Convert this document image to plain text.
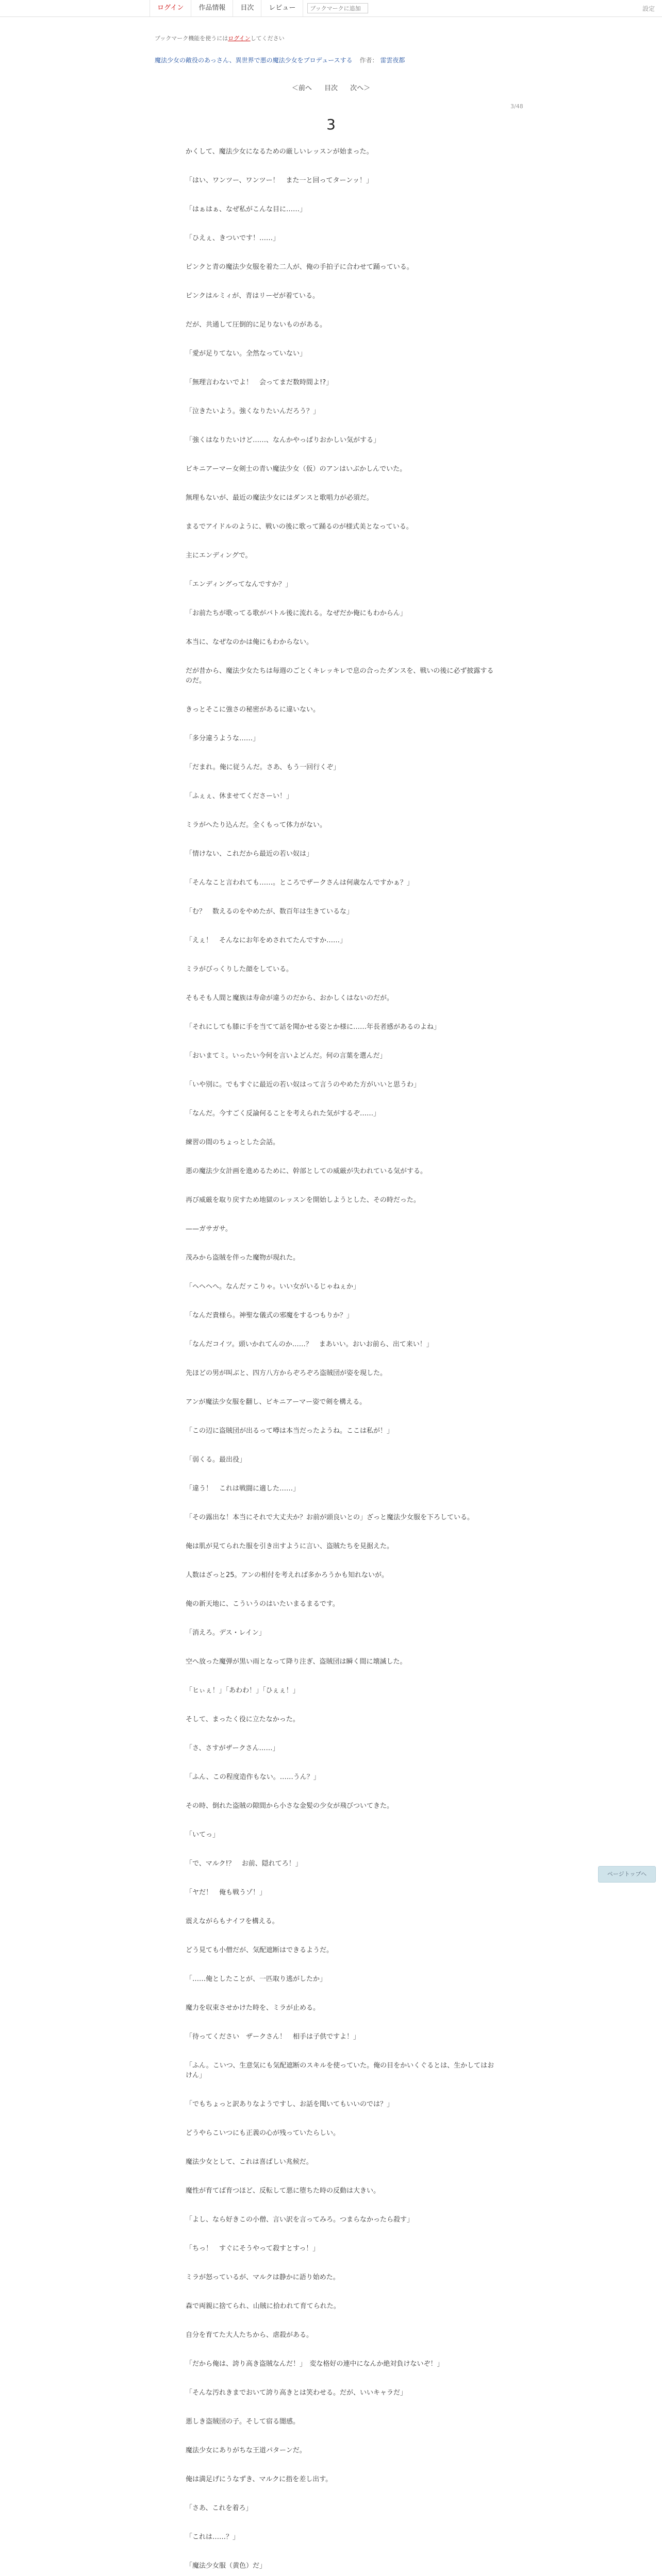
ログイン	作品情報	目次	レビュー
ブックマークに追加	設定
ブックマーク機能を使うにはログインしてください
魔法少女の敵役のあっさん、異世界で悪の魔法少女をプロデュースする 作者： 雷雲夜都
＜前へ 目次 次へ＞
3/48
3

かくして、魔法少女になるための厳しいレッスンが始まった。

「はい、ワンツー、ワンツー！　また一と回ってターンッ！」

「はぁはぁ、なぜ私がこんな目に……」

「ひえぇ、きついです！……」

ピンクと青の魔法少女服を着た二人が、俺の手拍子に合わせて踊っている。

ピンクはルミィが、青はリーゼが着ている。

だが、共通して圧倒的に足りないものがある。

「愛が足りてない。全然なっていない」

「無理言わないでよ！　会ってまだ数時間よ!?」

「泣きたいよう。強くなりたいんだろう？」

「強くはなりたいけど……、なんかやっぱりおかしい気がする」

ビキニアーマー女剣士の青い魔法少女（仮）のアンはいぶかしんでいた。

無理もないが、最近の魔法少女にはダンスと歌唱力が必須だ。

まるでアイドルのように、戦いの後に歌って踊るのが様式美となっている。

主にエンディングで。

「エンディングってなんですか？」

「お前たちが歌ってる歌がバトル後に流れる。なぜだか俺にもわからん」

本当に、なぜなのかは俺にもわからない。

だが昔から、魔法少女たちは毎週のごとくキレッキレで息の合ったダンスを、戦いの後に必ず披露するのだ。

きっとそこに強さの秘密があるに違いない。

「多分違うような……」

「だまれ。俺に従うんだ。さあ、もう一回行くぞ」

「ふぇぇ、休ませてくださーい！」

ミラがへたり込んだ。全くもって体力がない。

「情けない、これだから最近の若い奴は」

「そんなこと言われても……。ところでザークさんは何歳なんですかぁ？」

「む？　数えるのをやめたが、数百年は生きているな」

「えぇ！　そんなにお年をめされてたんですか……」

ミラがびっくりした顔をしている。

そもそも人間と魔族は寿命が違うのだから、おかしくはないのだが。

「それにしても膝に手を当てて話を聞かせる姿とか様に……年長者感があるのよね」

「おいまてミ。いったい今何を言いよどんだ。何の言葉を選んだ」

「いや別に。でもすぐに最近の若い奴はって言うのやめた方がいいと思うわ」

「なんだ。今すごく反論何ることを考えられた気がするぞ……」

練習の間のちょっとした会話。

悪の魔法少女計画を進めるために、幹部としての威厳が失われている気がする。

再び威厳を取り戻すため地獄のレッスンを開始しようとした、その時だった。

——ガサガサ。

茂みから盗賊を伴った魔物が現れた。

「ヘヘヘへ。なんだァこりゃ。いい女がいるじゃねぇか」

「なんだ貴様ら。神聖な儀式の邪魔をするつもりか？」

「なんだコイツ。頭いかれてんのか……？　まあいい。おいお前ら、出て来い！」

先ほどの男が叫ぶと、四方八方からぞろぞろ盗賊団が姿を現した。

アンが魔法少女服を翻し、ビキニアーマー姿で剣を構える。

「この辺に盗賊団が出るって噂は本当だったようね。ここは私が！」

「弱くる。最出役」

「違う！　これは戦闘に適した……」

「その露出な！本当にそれで大丈夫か？お前が頭良いとの」ざっと魔法少女服を下ろしている。

俺は肌が見てられた服を引き出すように言い、盗賊たちを見据えた。

人数はざっと25。アンの相付を考えれば多かろうかも知れないが。

俺の新天地に、こういうのはいたいまるまるです。

「消えろ。デス・レイン」

空へ放った魔弾が黒い雨となって降り注ぎ、盗賊団は瞬く間に壊滅した。

「ヒぃぇ！」「あわわ！」「ひぇぇ！」

そして、まったく役に立たなかった。

「さ、さすがザークさん……」

「ふん、この程度造作もない。……うん？」

その時、倒れた盗賊の隙間から小さな金髪の少女が飛びついてきた。

「いてっ」

「で、マルク!？　お前、隠れてろ！」

「ヤだ！　俺も戦うゾ！」

震えながらもナイフを構える。

どう見ても小僧だが、気配遮断はできるようだ。

「……俺としたことが、一匹取り逃がしたか」

魔力を収束させかけた時を、ミラが止める。

「待ってください　ザークさん！　相手は子供ですよ！」

「ふん。こいつ、生意気にも気配遮断のスキルを使っていた。俺の目をかいくぐるとは、生かしてはおけん」

「でもちょっと訳ありなようですし、お話を聞いてもいいのでは？」

どうやらこいつにも正義の心が残っていたらしい。

魔法少女として、これは喜ばしい兆候だ。

魔性が育てば育つほど、反転して悪に堕ちた時の反動は大きい。

「よし、なら好きこの小僧、言い訳を言ってみろ。つまらなかったら殺す」

「ちっ！　すぐにそうやって殺すとすっ！」

ミラが怒っているが、マルクは静かに語り始めた。

森で両親に捨てられ、山賊に拾われて育てられた。

自分を育てた大人たちから、虐殺がある。

「だから俺は、誇り高き盗賊なんだ！」　変な格好の連中になんか絶対負けないぞ！」

「そんな汚れきまでおいて誇り高きとは笑わせる。だが、いいキャラだ」

悪しき盗賊団の子。そして宿る闇感。

魔法少女にありがちな王道パターンだ。

俺は満足げにうなずき、マルクに指を差し出す。

「さあ、これを着ろ」

「これは……？」

「魔法少女服（黄色）だ」

ページトップへ
